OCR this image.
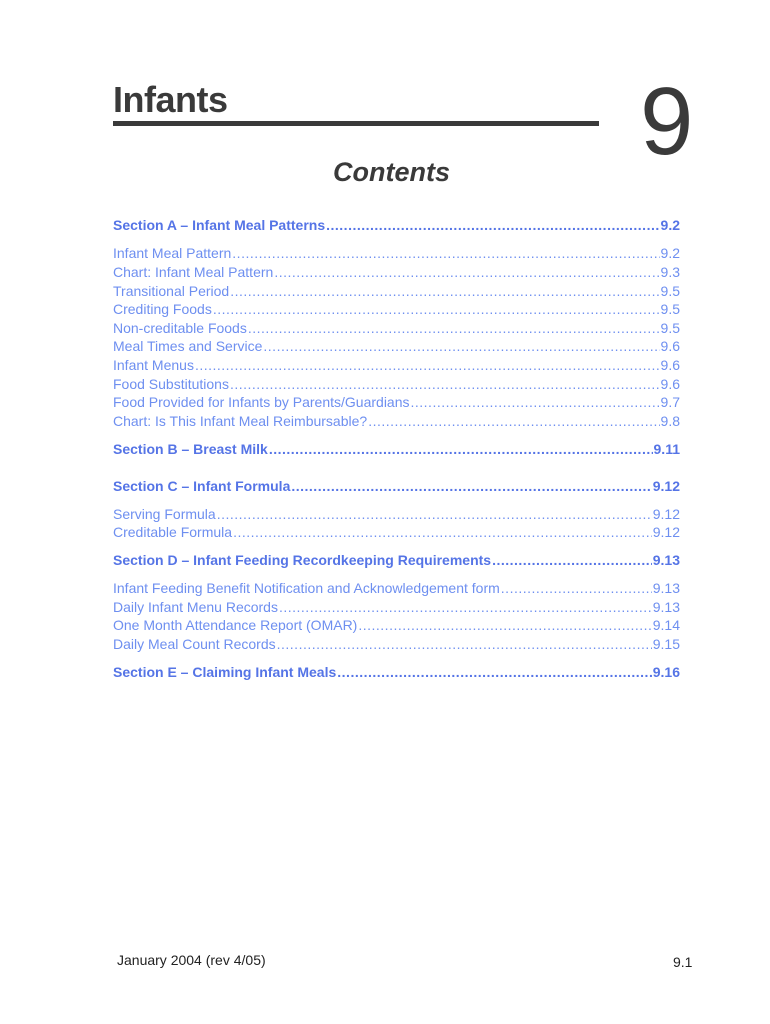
Infants	9
Contents
Section A – Infant Meal Patterns .....	9.2
Infant Meal Pattern .....	9.2
Chart: Infant Meal Pattern .....	9.3
Transitional Period .....	9.5
Crediting Foods .....	9.5
Non-creditable Foods .....	9.5
Meal Times and Service .....	9.6
Infant Menus .....	9.6
Food Substitutions .....	9.6
Food Provided for Infants by Parents/Guardians .....	9.7
Chart: Is This Infant Meal Reimbursable? .....	9.8
Section B – Breast Milk .....	9.11
Section C – Infant Formula .....	9.12
Serving Formula .....	9.12
Creditable Formula .....	9.12
Section D – Infant Feeding Recordkeeping Requirements .....	9.13
Infant Feeding Benefit Notification and Acknowledgement form .....	9.13
Daily Infant Menu Records .....	9.13
One Month Attendance Report (OMAR) .....	9.14
Daily Meal Count Records .....	9.15
Section E – Claiming Infant Meals .....	9.16
January 2004 (rev 4/05)	9.1
